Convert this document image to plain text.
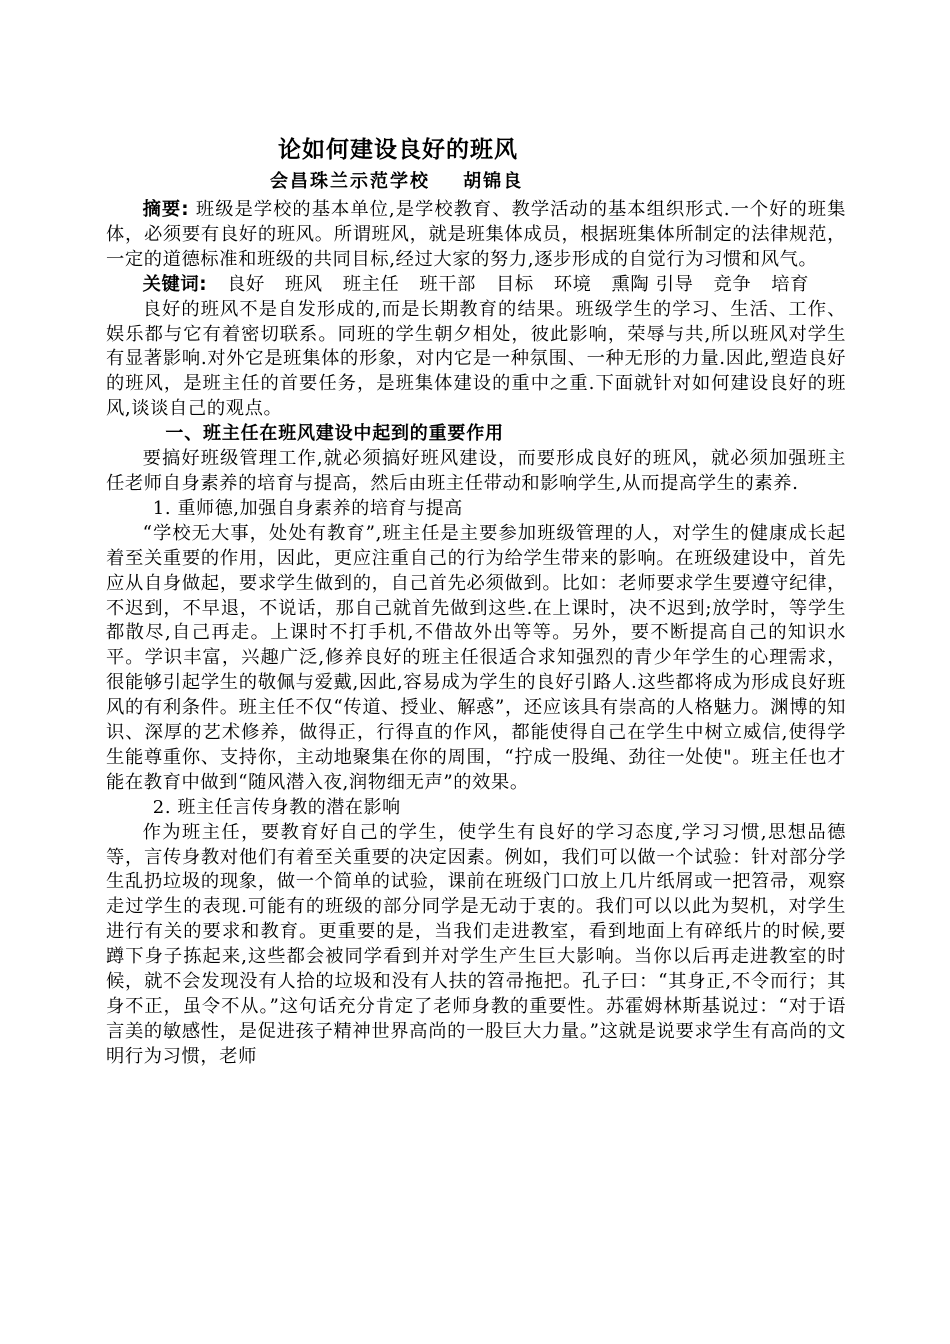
论如何建设良好的班风
会昌珠兰示范学校    胡锦良

摘要: 班级是学校的基本单位,是学校教育、教学活动的基本组织形式.一个好的班集体，必须要有良好的班风。所谓班风，就是班集体成员，根据班集体所制定的法律规范，一定的道德标准和班级的共同目标,经过大家的努力,逐步形成的自觉行为习惯和风气。

关键词: 良好 班风 班主任 班干部 目标 环境 熏陶 引导 竞争 培育

良好的班风不是自发形成的,而是长期教育的结果。班级学生的学习、生活、工作、娱乐都与它有着密切联系。同班的学生朝夕相处，彼此影响，荣辱与共,所以班风对学生有显著影响.对外它是班集体的形象，对内它是一种氛围、一种无形的力量.因此,塑造良好的班风，是班主任的首要任务，是班集体建设的重中之重.下面就针对如何建设良好的班风,谈谈自己的观点。

一、班主任在班风建设中起到的重要作用

要搞好班级管理工作,就必须搞好班风建设，而要形成良好的班风，就必须加强班主任老师自身素养的培育与提高，然后由班主任带动和影响学生,从而提高学生的素养.

1. 重师德,加强自身素养的培育与提高

“学校无大事，处处有教育”,班主任是主要参加班级管理的人，对学生的健康成长起着至关重要的作用，因此，更应注重自己的行为给学生带来的影响。在班级建设中，首先应从自身做起，要求学生做到的，自己首先必须做到。比如：老师要求学生要遵守纪律，不迟到，不早退，不说话，那自己就首先做到这些.在上课时，决不迟到;放学时，等学生都散尽,自己再走。上课时不打手机,不借故外出等等。另外，要不断提高自己的知识水平。学识丰富，兴趣广泛,修养良好的班主任很适合求知强烈的青少年学生的心理需求，很能够引起学生的敬佩与爱戴,因此,容易成为学生的良好引路人.这些都将成为形成良好班风的有利条件。班主任不仅“传道、授业、解惑”，还应该具有崇高的人格魅力。渊博的知识、深厚的艺术修养，做得正，行得直的作风，都能使得自己在学生中树立威信,使得学生能尊重你、支持你，主动地聚集在你的周围，“拧成一股绳、劲往一处使"。班主任也才能在教育中做到“随风潜入夜,润物细无声”的效果。

2. 班主任言传身教的潜在影响

作为班主任，要教育好自己的学生，使学生有良好的学习态度,学习习惯,思想品德等，言传身教对他们有着至关重要的决定因素。例如，我们可以做一个试验：针对部分学生乱扔垃圾的现象，做一个简单的试验，课前在班级门口放上几片纸屑或一把笤帚，观察走过学生的表现.可能有的班级的部分同学是无动于衷的。我们可以以此为契机，对学生进行有关的要求和教育。更重要的是，当我们走进教室，看到地面上有碎纸片的时候,要蹲下身子拣起来,这些都会被同学看到并对学生产生巨大影响。当你以后再走进教室的时候，就不会发现没有人拾的垃圾和没有人扶的笤帚拖把。孔子曰：“其身正,不令而行；其身不正，虽令不从。”这句话充分肯定了老师身教的重要性。苏霍姆林斯基说过：“对于语言美的敏感性，是促进孩子精神世界高尚的一股巨大力量。”这就是说要求学生有高尚的文明行为习惯，老师
